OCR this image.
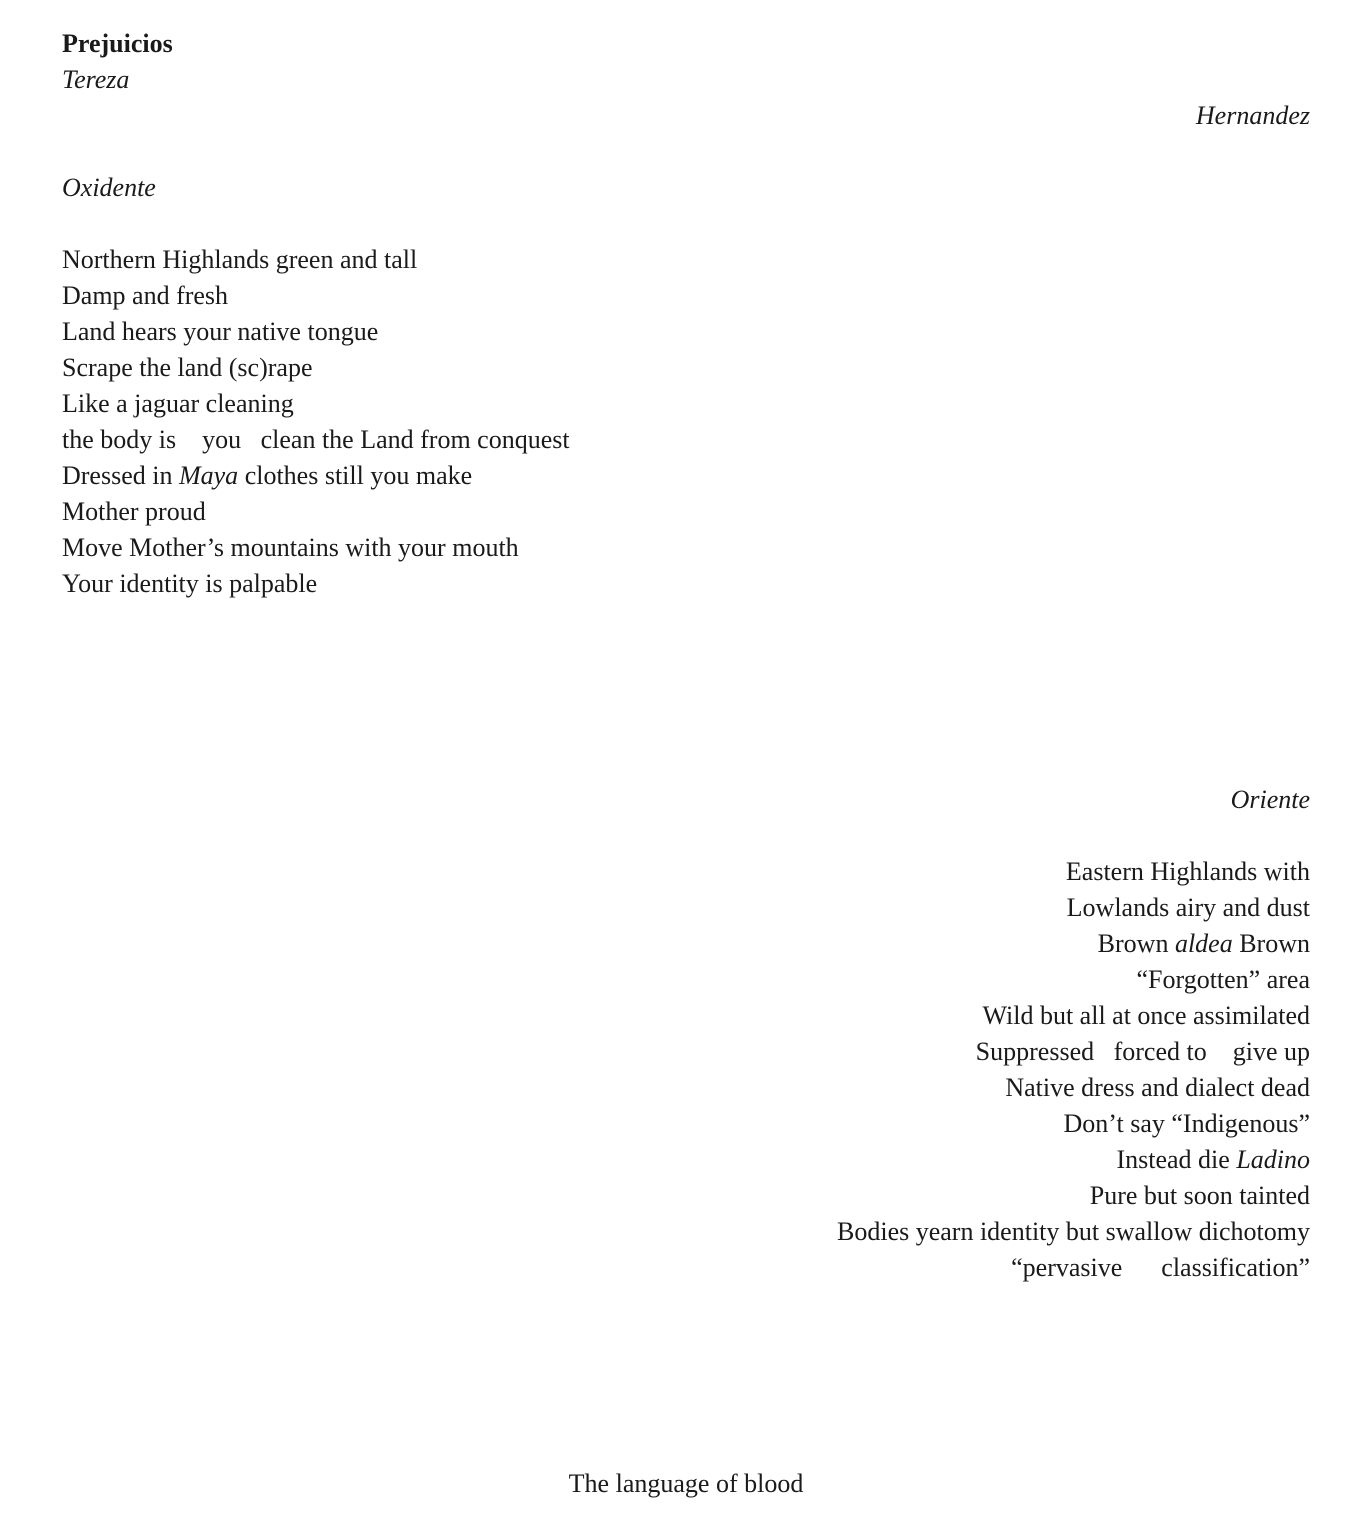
Prejuicios
Tereza
Hernandez
Oxidente
Northern Highlands green and tall
Damp and fresh
Land hears your native tongue
Scrape the land (sc)rape
Like a jaguar cleaning
the body is    you   clean the Land from conquest
Dressed in Maya clothes still you make
Mother proud
Move Mother’s mountains with your mouth
Your identity is palpable
Oriente
Eastern Highlands with
Lowlands airy and dust
Brown aldea Brown
“Forgotten” area
Wild but all at once assimilated
Suppressed   forced to    give up
Native dress and dialect dead
Don’t say “Indigenous”
Instead die Ladino
Pure but soon tainted
Bodies yearn identity but swallow dichotomy
“pervasive      classification”
The language of blood
